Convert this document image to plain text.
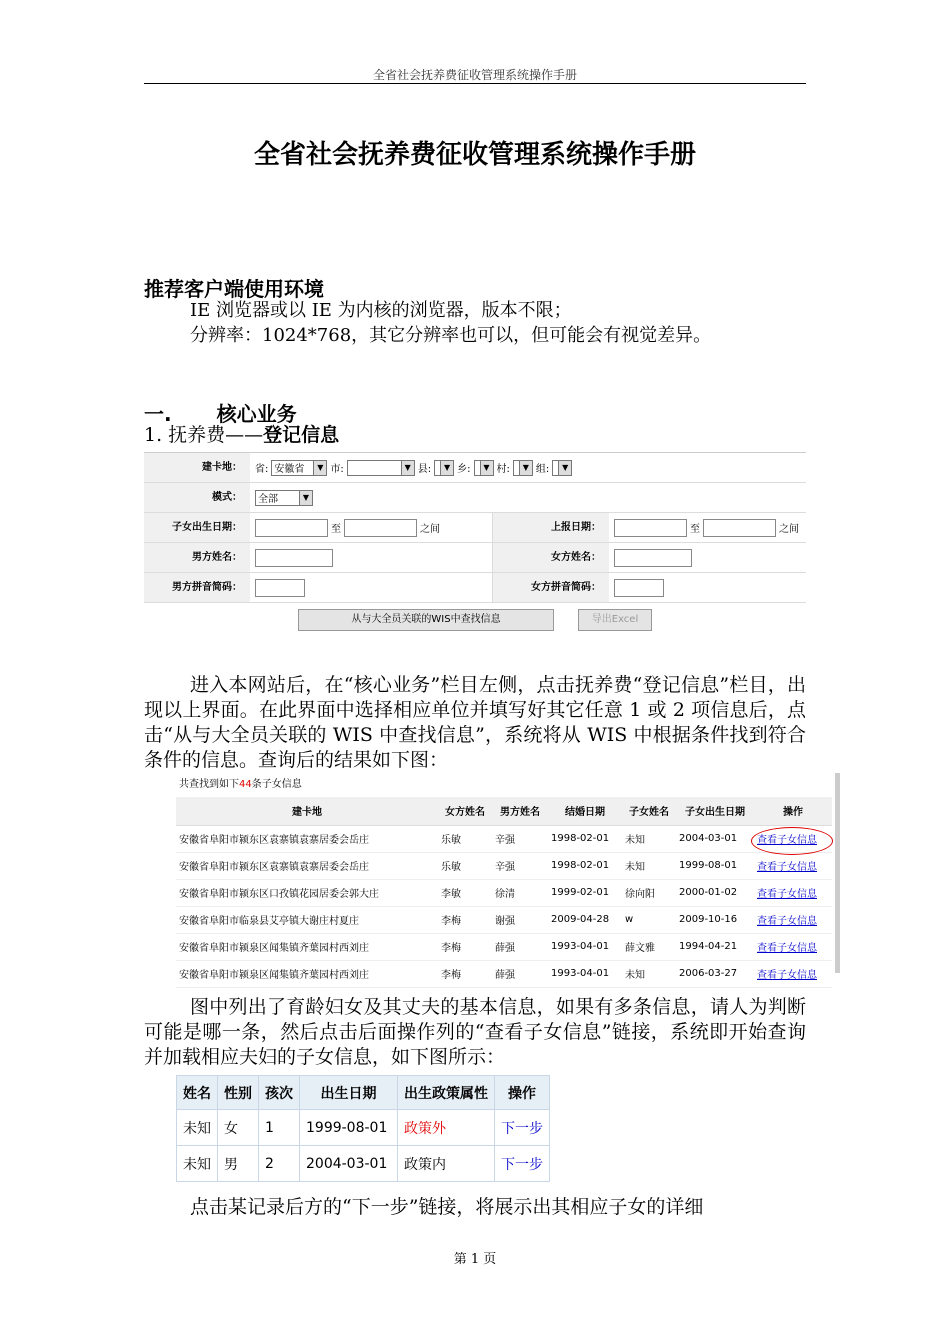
全省社会抚养费征收管理系统操作手册
全省社会抚养费征收管理系统操作手册
推荐客户端使用环境
IE 浏览器或以 IE 为内核的浏览器，版本不限；
分辨率：1024*768，其它分辨率也可以，但可能会有视觉差异。
一. 核心业务
1. 抚养费——登记信息
建卡地：	省: 安徽省	▼ 市:	▼ 县:	▼ 乡:	▼ 村:	▼ 组:	▼
模式：	全部	▼
子女出生日期：	至	之间	上报日期：	至	之间
男方姓名：	女方姓名：
男方拼音简码：	女方拼音简码：
从与大全员关联的WIS中查找信息	导出Excel
进入本网站后，在“核心业务”栏目左侧，点击抚养费“登记信息”栏目，出现以上界面。在此界面中选择相应单位并填写好其它任意 1 或 2 项信息后，点击“从与大全员关联的 WIS 中查找信息”，系统将从 WIS 中根据条件找到符合条件的信息。查询后的结果如下图：
共查找到如下44条子女信息
建卡地	女方姓名	男方姓名	结婚日期	子女姓名	子女出生日期	操作
安徽省阜阳市颍东区袁寨镇袁寨居委会岳庄	乐敏	辛强	1998-02-01	未知	2004-03-01	查看子女信息
安徽省阜阳市颍东区袁寨镇袁寨居委会岳庄	乐敏	辛强	1998-02-01	未知	1999-08-01	查看子女信息
安徽省阜阳市颍东区口孜镇花园居委会郭大庄	李敏	徐清	1999-02-01	徐向阳	2000-01-02	查看子女信息
安徽省阜阳市临泉县艾亭镇大谢庄村夏庄	李梅	谢强	2009-04-28	w	2009-10-16	查看子女信息
安徽省阜阳市颍泉区闻集镇齐葉园村西刘庄	李梅	薛强	1993-04-01	薛文雅	1994-04-21	查看子女信息
安徽省阜阳市颍泉区闻集镇齐葉园村西刘庄	李梅	薛强	1993-04-01	未知	2006-03-27	查看子女信息
图中列出了育龄妇女及其丈夫的基本信息，如果有多条信息，请人为判断可能是哪一条，然后点击后面操作列的“查看子女信息”链接，系统即开始查询并加载相应夫妇的子女信息，如下图所示：
姓名	性别	孩次	出生日期	出生政策属性	操作
未知	女	1	1999-08-01	政策外	下一步
未知	男	2	2004-03-01	政策内	下一步
点击某记录后方的“下一步”链接，将展示出其相应子女的详细
第 1 页
